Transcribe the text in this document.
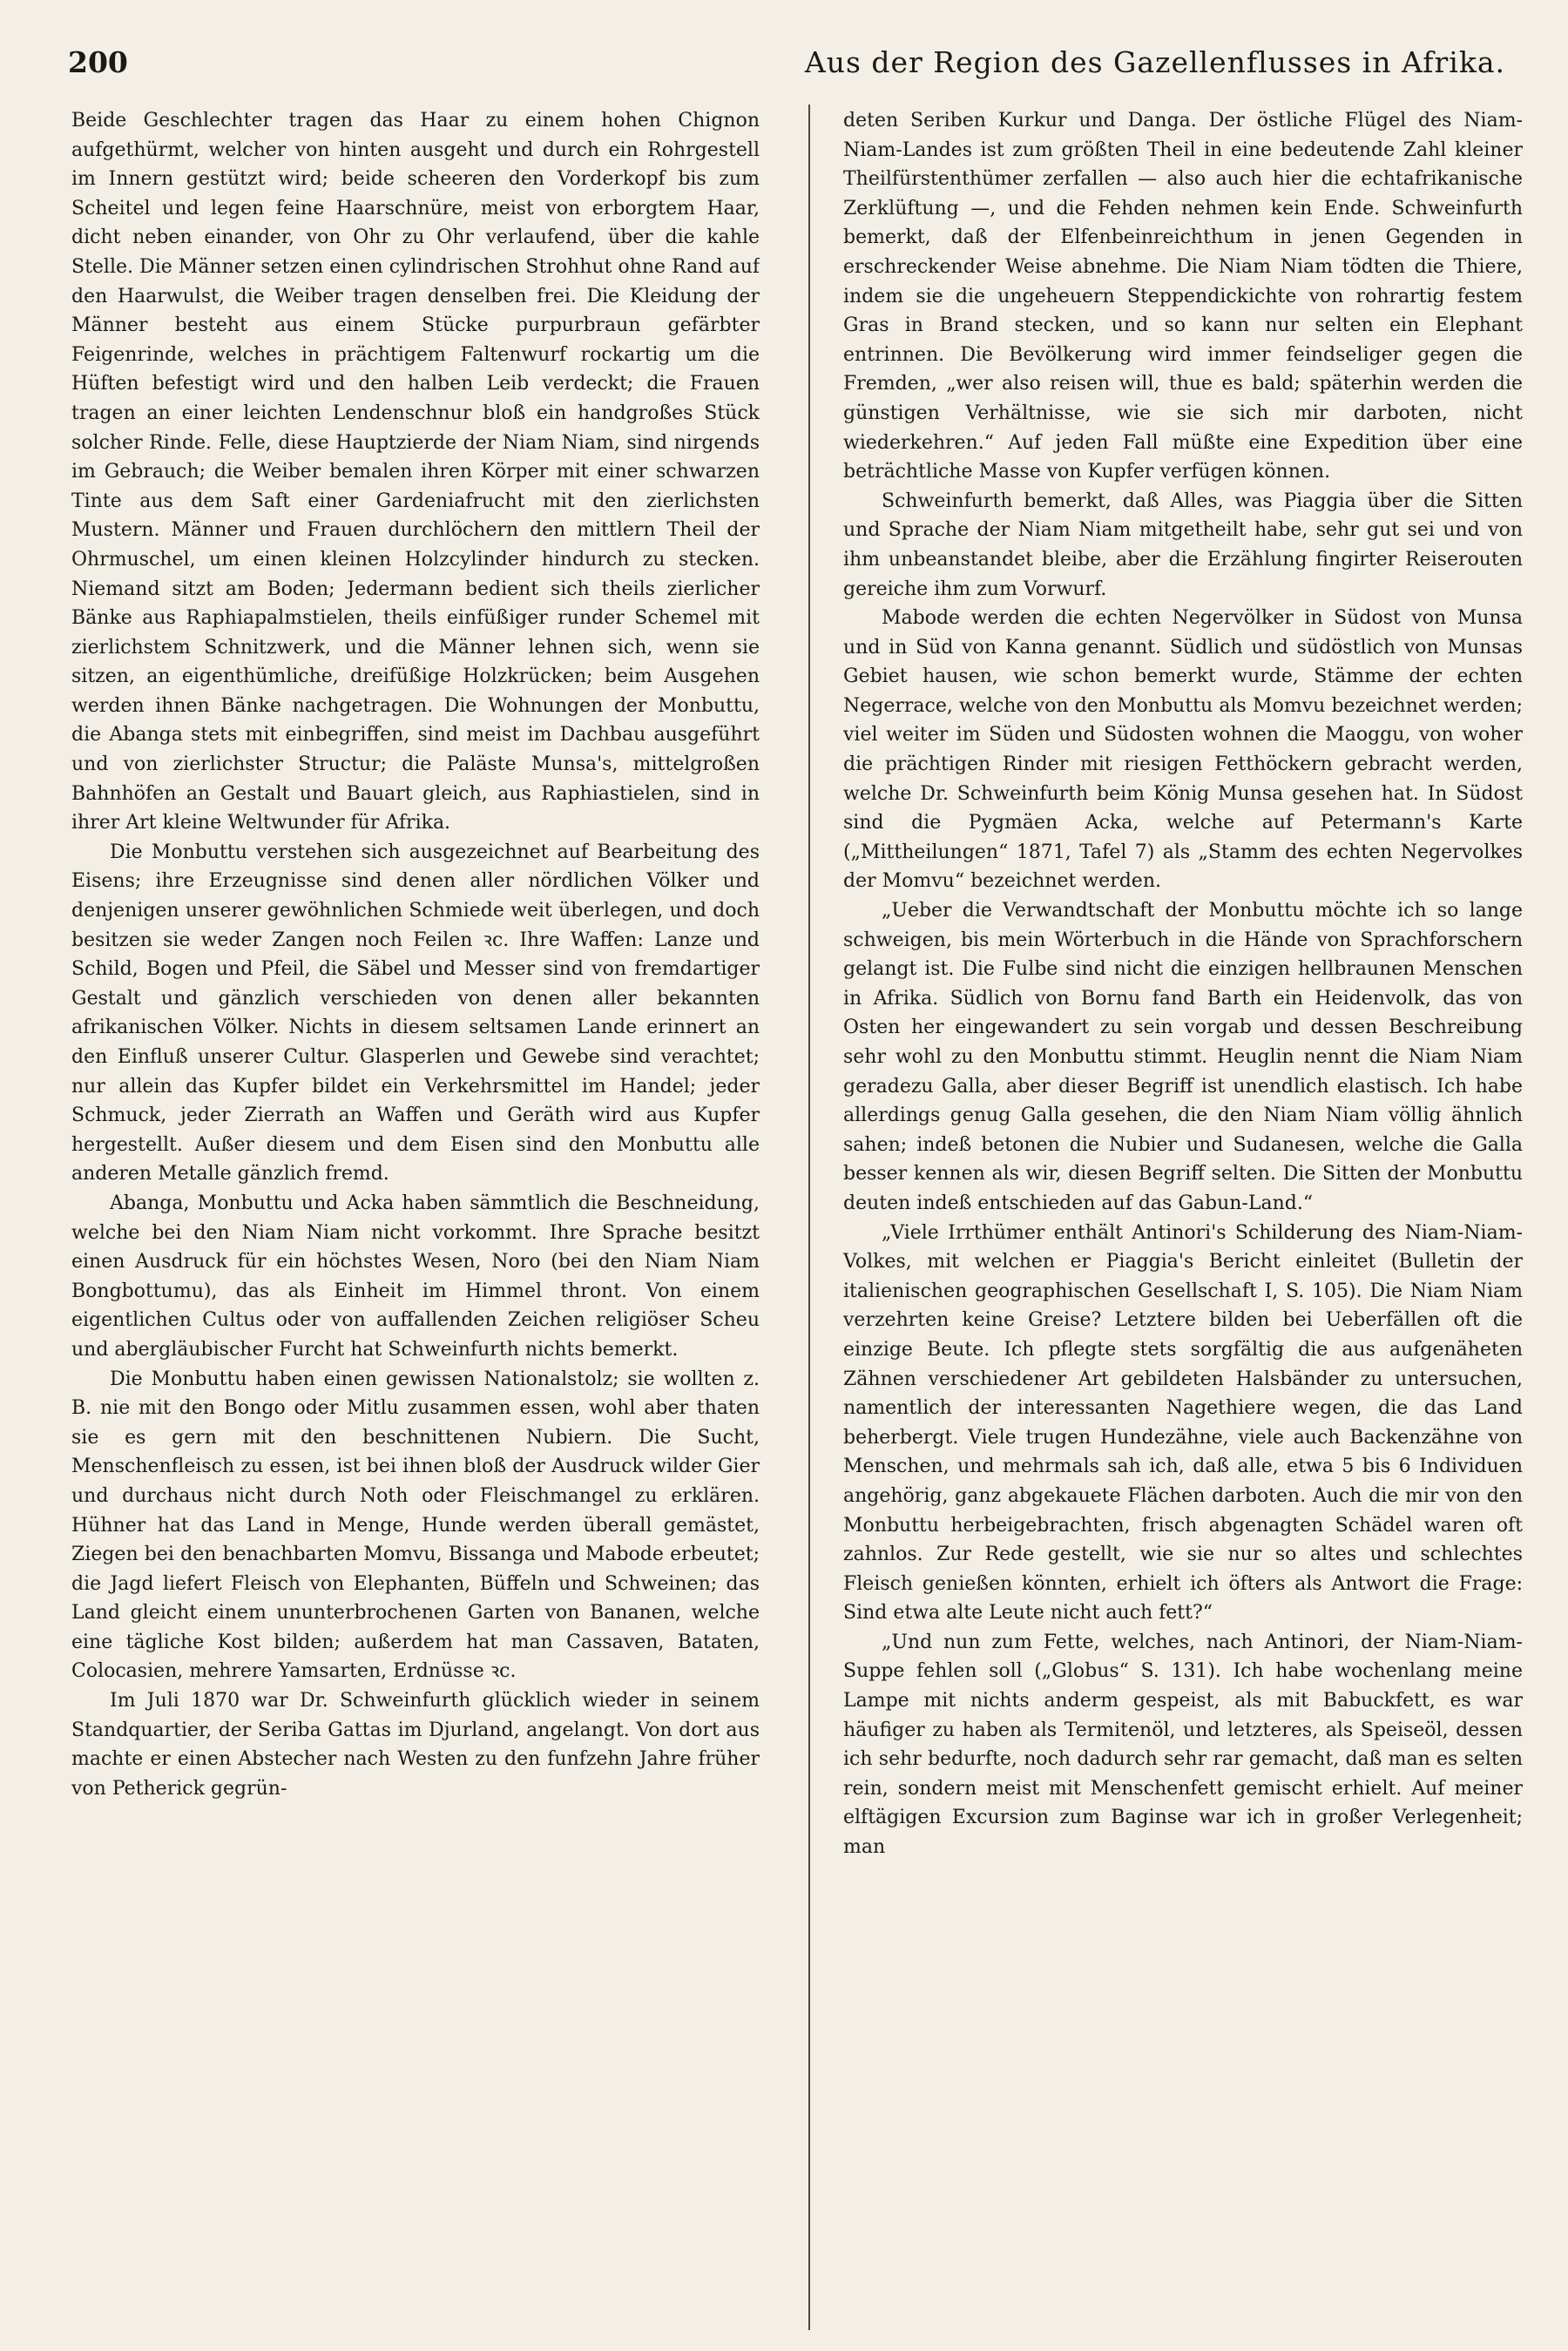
200	Aus der Region des Gazellenflusses in Afrika.

Beide Geschlechter tragen das Haar zu einem hohen Chignon aufgethürmt, welcher von hinten ausgeht und durch ein Rohrgestell im Innern gestützt wird; beide scheeren den Vorderkopf bis zum Scheitel und legen feine Haarschnüre, meist von erborgtem Haar, dicht neben einander, von Ohr zu Ohr verlaufend, über die kahle Stelle. Die Männer setzen einen cylindrischen Strohhut ohne Rand auf den Haarwulst, die Weiber tragen denselben frei. Die Kleidung der Männer besteht aus einem Stücke purpurbraun gefärbter Feigenrinde, welches in prächtigem Faltenwurf rockartig um die Hüften befestigt wird und den halben Leib verdeckt; die Frauen tragen an einer leichten Lendenschnur bloß ein handgroßes Stück solcher Rinde. Felle, diese Hauptzierde der Niam Niam, sind nirgends im Gebrauch; die Weiber bemalen ihren Körper mit einer schwarzen Tinte aus dem Saft einer Gardeniafrucht mit den zierlichsten Mustern. Männer und Frauen durchlöchern den mittlern Theil der Ohrmuschel, um einen kleinen Holzcylinder hindurch zu stecken. Niemand sitzt am Boden; Jedermann bedient sich theils zierlicher Bänke aus Raphiapalmstielen, theils einfüßiger runder Schemel mit zierlichstem Schnitzwerk, und die Männer lehnen sich, wenn sie sitzen, an eigenthümliche, dreifüßige Holzkrücken; beim Ausgehen werden ihnen Bänke nachgetragen. Die Wohnungen der Monbuttu, die Abanga stets mit einbegriffen, sind meist im Dachbau ausgeführt und von zierlichster Structur; die Paläste Munsa's, mittelgroßen Bahnhöfen an Gestalt und Bauart gleich, aus Raphiastielen, sind in ihrer Art kleine Weltwunder für Afrika.

Die Monbuttu verstehen sich ausgezeichnet auf Bearbeitung des Eisens; ihre Erzeugnisse sind denen aller nördlichen Völker und denjenigen unserer gewöhnlichen Schmiede weit überlegen, und doch besitzen sie weder Zangen noch Feilen ꝛc. Ihre Waffen: Lanze und Schild, Bogen und Pfeil, die Säbel und Messer sind von fremdartiger Gestalt und gänzlich verschieden von denen aller bekannten afrikanischen Völker. Nichts in diesem seltsamen Lande erinnert an den Einfluß unserer Cultur. Glasperlen und Gewebe sind verachtet; nur allein das Kupfer bildet ein Verkehrsmittel im Handel; jeder Schmuck, jeder Zierrath an Waffen und Geräth wird aus Kupfer hergestellt. Außer diesem und dem Eisen sind den Monbuttu alle anderen Metalle gänzlich fremd.

Abanga, Monbuttu und Acka haben sämmtlich die Beschneidung, welche bei den Niam Niam nicht vorkommt. Ihre Sprache besitzt einen Ausdruck für ein höchstes Wesen, Noro (bei den Niam Niam Bongbottumu), das als Einheit im Himmel thront. Von einem eigentlichen Cultus oder von auffallenden Zeichen religiöser Scheu und abergläubischer Furcht hat Schweinfurth nichts bemerkt.

Die Monbuttu haben einen gewissen Nationalstolz; sie wollten z. B. nie mit den Bongo oder Mitlu zusammen essen, wohl aber thaten sie es gern mit den beschnittenen Nubiern. Die Sucht, Menschenfleisch zu essen, ist bei ihnen bloß der Ausdruck wilder Gier und durchaus nicht durch Noth oder Fleischmangel zu erklären. Hühner hat das Land in Menge, Hunde werden überall gemästet, Ziegen bei den benachbarten Momvu, Bissanga und Mabode erbeutet; die Jagd liefert Fleisch von Elephanten, Büffeln und Schweinen; das Land gleicht einem ununterbrochenen Garten von Bananen, welche eine tägliche Kost bilden; außerdem hat man Cassaven, Bataten, Colocasien, mehrere Yamsarten, Erdnüsse ꝛc.

Im Juli 1870 war Dr. Schweinfurth glücklich wieder in seinem Standquartier, der Seriba Gattas im Djurland, angelangt. Von dort aus machte er einen Abstecher nach Westen zu den funfzehn Jahre früher von Petherick gegrün-

deten Seriben Kurkur und Danga. Der östliche Flügel des Niam-Niam-Landes ist zum größten Theil in eine bedeutende Zahl kleiner Theilfürstenthümer zerfallen — also auch hier die echtafrikanische Zerklüftung —, und die Fehden nehmen kein Ende. Schweinfurth bemerkt, daß der Elfenbeinreichthum in jenen Gegenden in erschreckender Weise abnehme. Die Niam Niam tödten die Thiere, indem sie die ungeheuern Steppendickichte von rohrartig festem Gras in Brand stecken, und so kann nur selten ein Elephant entrinnen. Die Bevölkerung wird immer feindseliger gegen die Fremden, „wer also reisen will, thue es bald; späterhin werden die günstigen Verhältnisse, wie sie sich mir darboten, nicht wiederkehren.“ Auf jeden Fall müßte eine Expedition über eine beträchtliche Masse von Kupfer verfügen können.

Schweinfurth bemerkt, daß Alles, was Piaggia über die Sitten und Sprache der Niam Niam mitgetheilt habe, sehr gut sei und von ihm unbeanstandet bleibe, aber die Erzählung fingirter Reiserouten gereiche ihm zum Vorwurf.

Mabode werden die echten Negervölker in Südost von Munsa und in Süd von Kanna genannt. Südlich und südöstlich von Munsas Gebiet hausen, wie schon bemerkt wurde, Stämme der echten Negerrace, welche von den Monbuttu als Momvu bezeichnet werden; viel weiter im Süden und Südosten wohnen die Maoggu, von woher die prächtigen Rinder mit riesigen Fetthöckern gebracht werden, welche Dr. Schweinfurth beim König Munsa gesehen hat. In Südost sind die Pygmäen Acka, welche auf Petermann's Karte („Mittheilungen“ 1871, Tafel 7) als „Stamm des echten Negervolkes der Momvu“ bezeichnet werden.

„Ueber die Verwandtschaft der Monbuttu möchte ich so lange schweigen, bis mein Wörterbuch in die Hände von Sprachforschern gelangt ist. Die Fulbe sind nicht die einzigen hellbraunen Menschen in Afrika. Südlich von Bornu fand Barth ein Heidenvolk, das von Osten her eingewandert zu sein vorgab und dessen Beschreibung sehr wohl zu den Monbuttu stimmt. Heuglin nennt die Niam Niam geradezu Galla, aber dieser Begriff ist unendlich elastisch. Ich habe allerdings genug Galla gesehen, die den Niam Niam völlig ähnlich sahen; indeß betonen die Nubier und Sudanesen, welche die Galla besser kennen als wir, diesen Begriff selten. Die Sitten der Monbuttu deuten indeß entschieden auf das Gabun-Land.“

„Viele Irrthümer enthält Antinori's Schilderung des Niam-Niam-Volkes, mit welchen er Piaggia's Bericht einleitet (Bulletin der italienischen geographischen Gesellschaft I, S. 105). Die Niam Niam verzehrten keine Greise? Letztere bilden bei Ueberfällen oft die einzige Beute. Ich pflegte stets sorgfältig die aus aufgenäheten Zähnen verschiedener Art gebildeten Halsbänder zu untersuchen, namentlich der interessanten Nagethiere wegen, die das Land beherbergt. Viele trugen Hundezähne, viele auch Backenzähne von Menschen, und mehrmals sah ich, daß alle, etwa 5 bis 6 Individuen angehörig, ganz abgekauete Flächen darboten. Auch die mir von den Monbuttu herbeigebrachten, frisch abgenagten Schädel waren oft zahnlos. Zur Rede gestellt, wie sie nur so altes und schlechtes Fleisch genießen könnten, erhielt ich öfters als Antwort die Frage: Sind etwa alte Leute nicht auch fett?“

„Und nun zum Fette, welches, nach Antinori, der Niam-Niam-Suppe fehlen soll („Globus“ S. 131). Ich habe wochenlang meine Lampe mit nichts anderm gespeist, als mit Babuckfett, es war häufiger zu haben als Termitenöl, und letzteres, als Speiseöl, dessen ich sehr bedurfte, noch dadurch sehr rar gemacht, daß man es selten rein, sondern meist mit Menschenfett gemischt erhielt. Auf meiner elftägigen Excursion zum Baginse war ich in großer Verlegenheit; man
